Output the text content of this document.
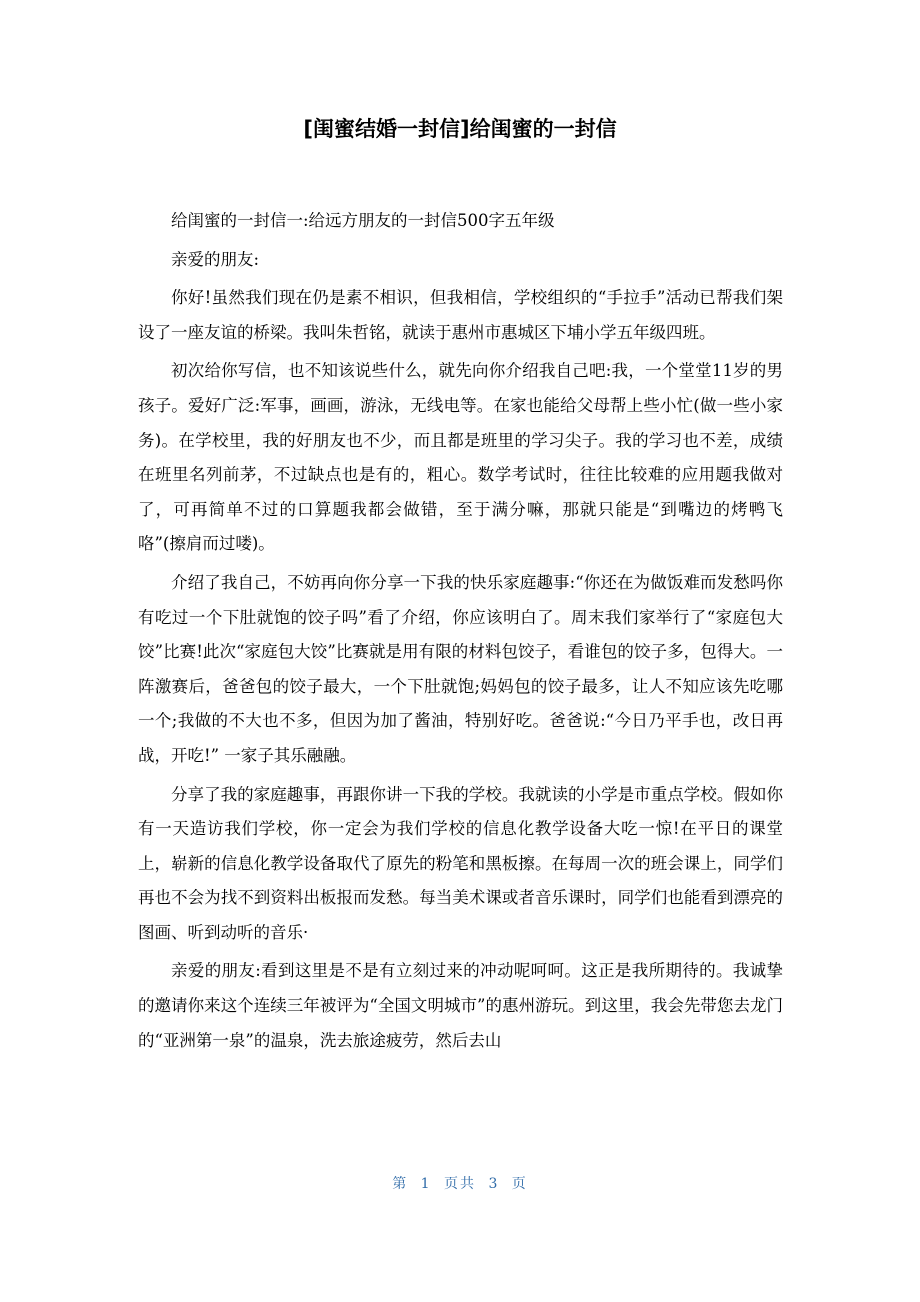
[闺蜜结婚一封信]给闺蜜的一封信

给闺蜜的一封信一:给远方朋友的一封信500字五年级

亲爱的朋友:

你好!虽然我们现在仍是素不相识，但我相信，学校组织的“手拉手”活动已帮我们架设了一座友谊的桥梁。我叫朱哲铭，就读于惠州市惠城区下埔小学五年级四班。

初次给你写信，也不知该说些什么，就先向你介绍我自己吧:我，一个堂堂11岁的男孩子。爱好广泛:军事，画画，游泳，无线电等。在家也能给父母帮上些小忙(做一些小家务)。在学校里，我的好朋友也不少，而且都是班里的学习尖子。我的学习也不差，成绩在班里名列前茅，不过缺点也是有的，粗心。数学考试时，往往比较难的应用题我做对了，可再简单不过的口算题我都会做错，至于满分嘛，那就只能是“到嘴边的烤鸭飞咯”(擦肩而过喽)。

介绍了我自己，不妨再向你分享一下我的快乐家庭趣事:“你还在为做饭难而发愁吗你有吃过一个下肚就饱的饺子吗”看了介绍，你应该明白了。周末我们家举行了“家庭包大饺”比赛!此次“家庭包大饺”比赛就是用有限的材料包饺子，看谁包的饺子多，包得大。一阵激赛后，爸爸包的饺子最大，一个下肚就饱;妈妈包的饺子最多，让人不知应该先吃哪一个;我做的不大也不多，但因为加了酱油，特别好吃。爸爸说:“今日乃平手也，改日再战，开吃!” 一家子其乐融融。

分享了我的家庭趣事，再跟你讲一下我的学校。我就读的小学是市重点学校。假如你有一天造访我们学校，你一定会为我们学校的信息化教学设备大吃一惊!在平日的课堂上，崭新的信息化教学设备取代了原先的粉笔和黑板擦。在每周一次的班会课上，同学们再也不会为找不到资料出板报而发愁。每当美术课或者音乐课时，同学们也能看到漂亮的图画、听到动听的音乐·

亲爱的朋友:看到这里是不是有立刻过来的冲动呢呵呵。这正是我所期待的。我诚挚的邀请你来这个连续三年被评为“全国文明城市”的惠州游玩。到这里，我会先带您去龙门的“亚洲第一泉”的温泉，洗去旅途疲劳，然后去山

第 1 页共 3 页
